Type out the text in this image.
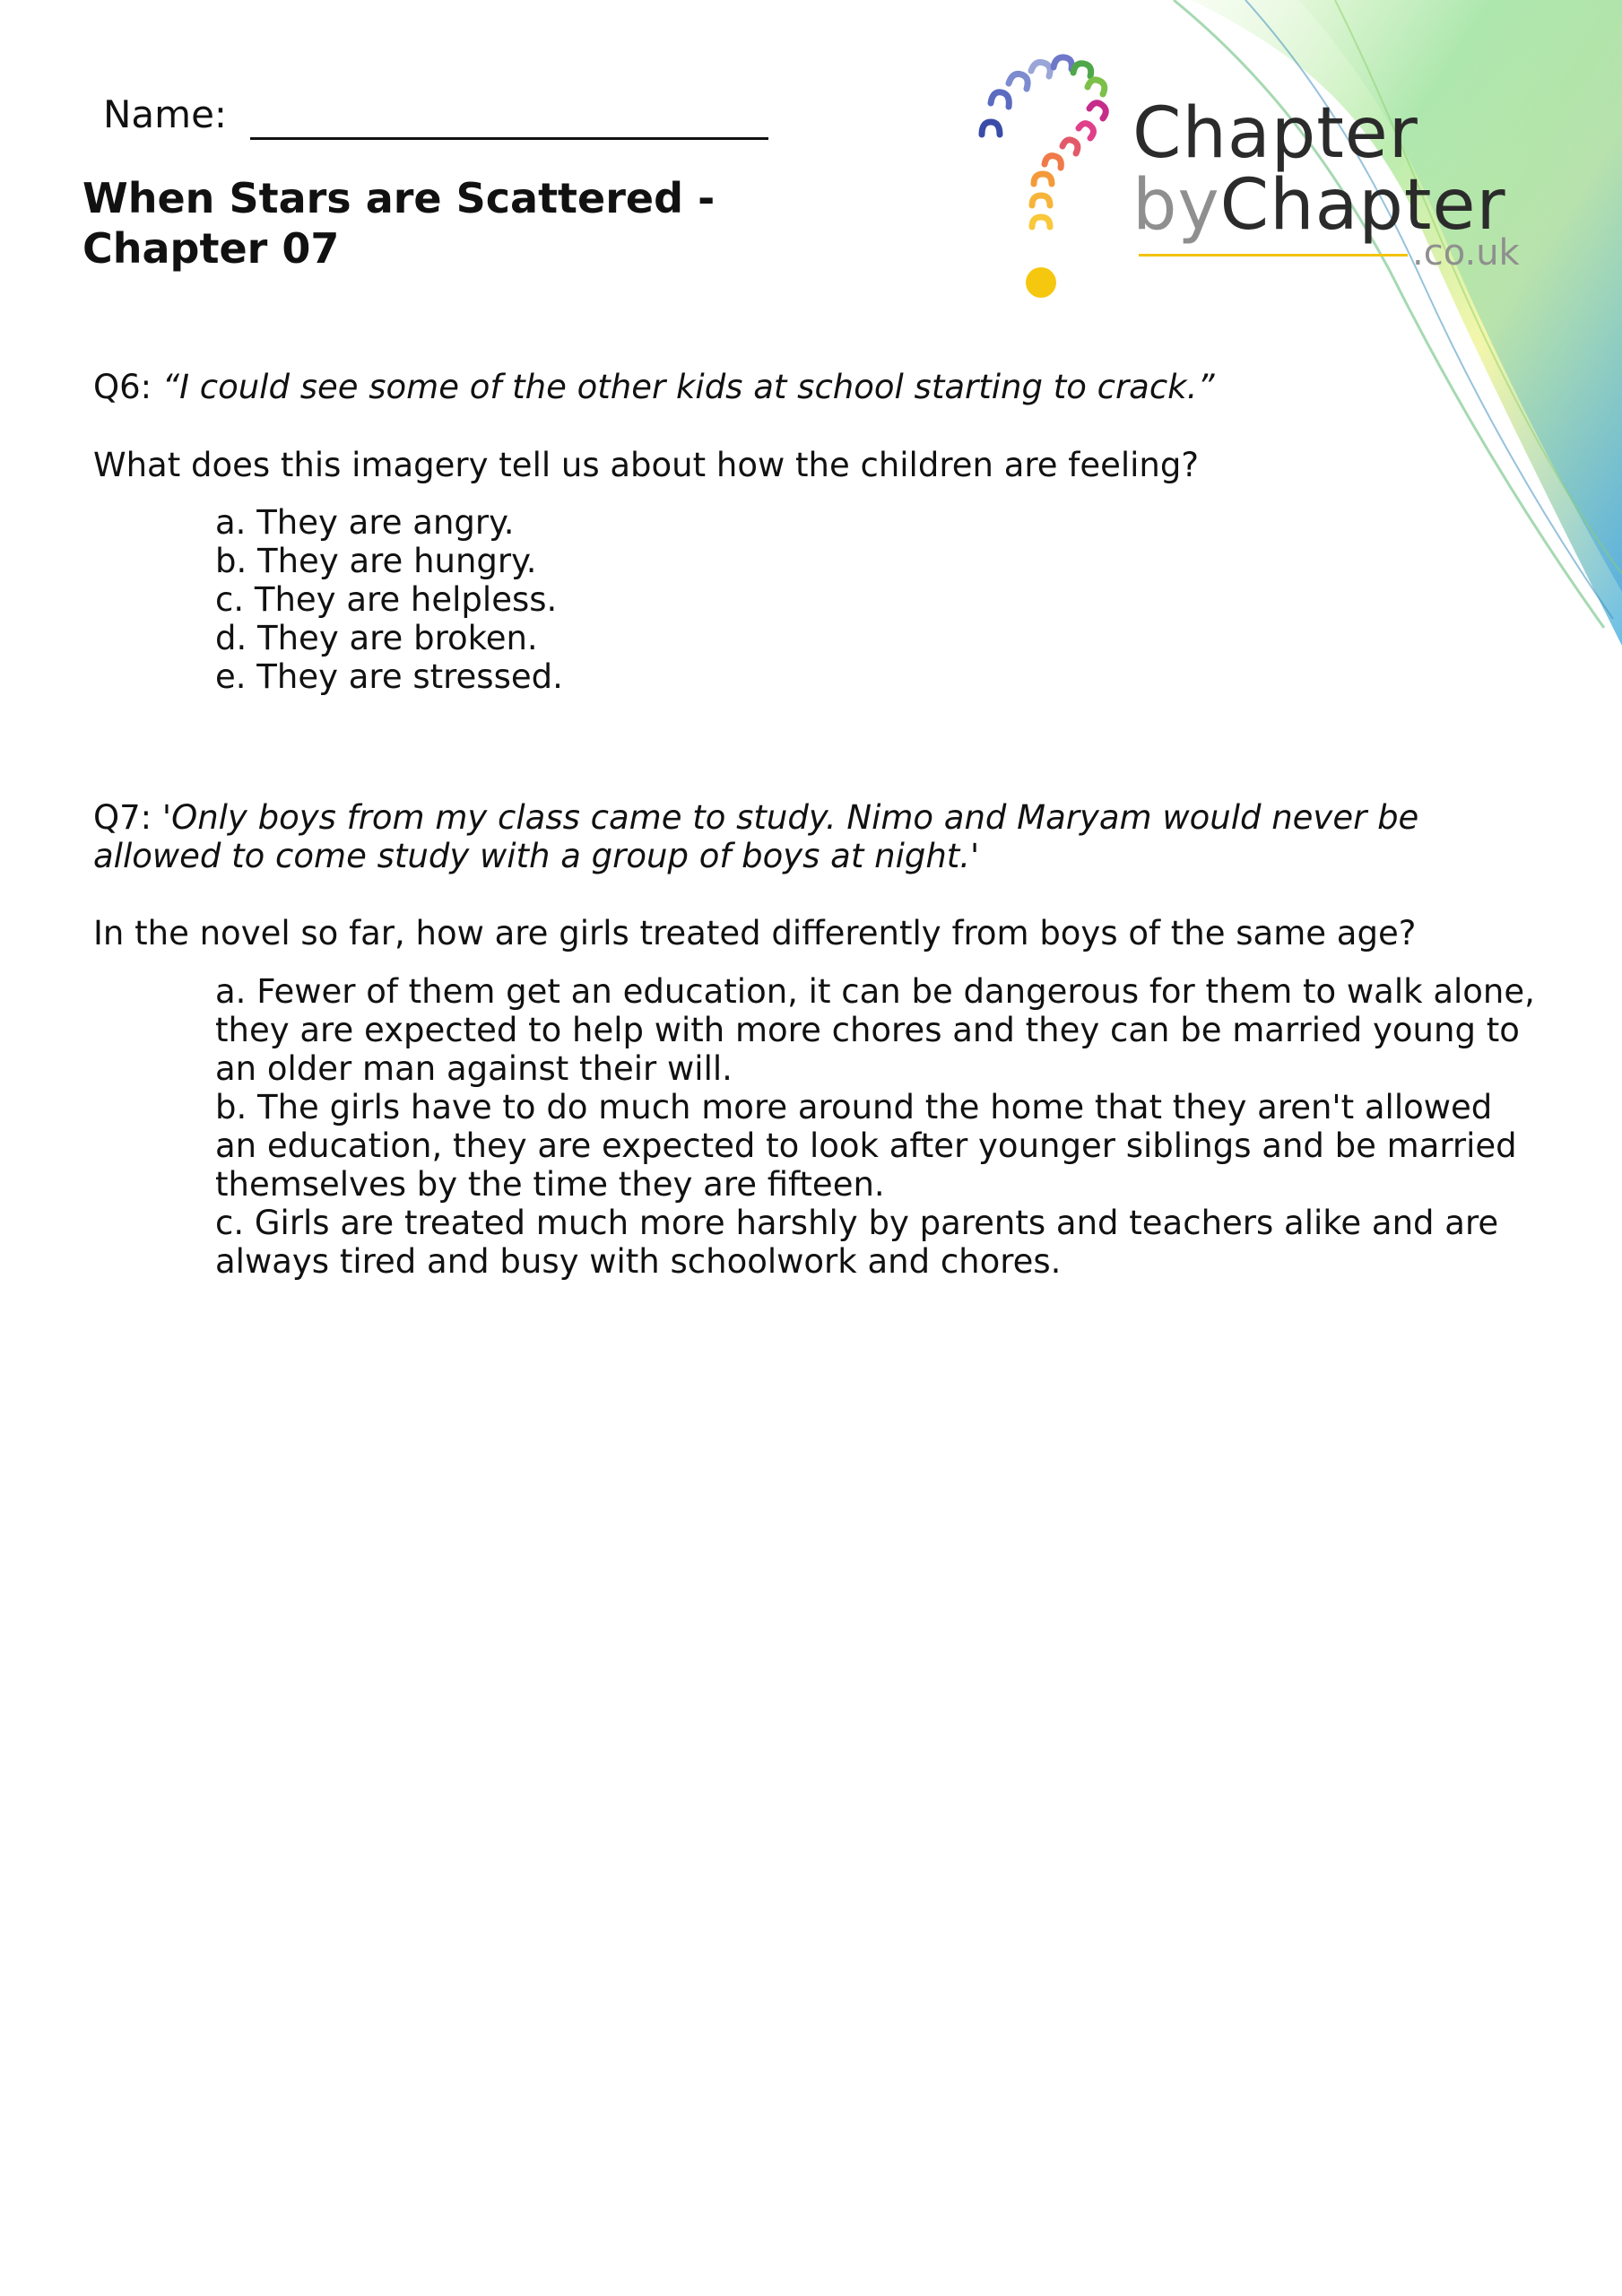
Name:
When Stars are Scattered -
Chapter 07
Chapter
byChapter
.co.uk
Q6: “I could see some of the other kids at school starting to crack.”
What does this imagery tell us about how the children are feeling?
a. They are angry.
b. They are hungry.
c. They are helpless.
d. They are broken.
e. They are stressed.
Q7: 'Only boys from my class came to study. Nimo and Maryam would never be allowed to come study with a group of boys at night.'
In the novel so far, how are girls treated differently from boys of the same age?
a. Fewer of them get an education, it can be dangerous for them to walk alone, they are expected to help with more chores and they can be married young to an older man against their will.
b. The girls have to do much more around the home that they aren't allowed an education, they are expected to look after younger siblings and be married themselves by the time they are fifteen.
c. Girls are treated much more harshly by parents and teachers alike and are always tired and busy with schoolwork and chores.
